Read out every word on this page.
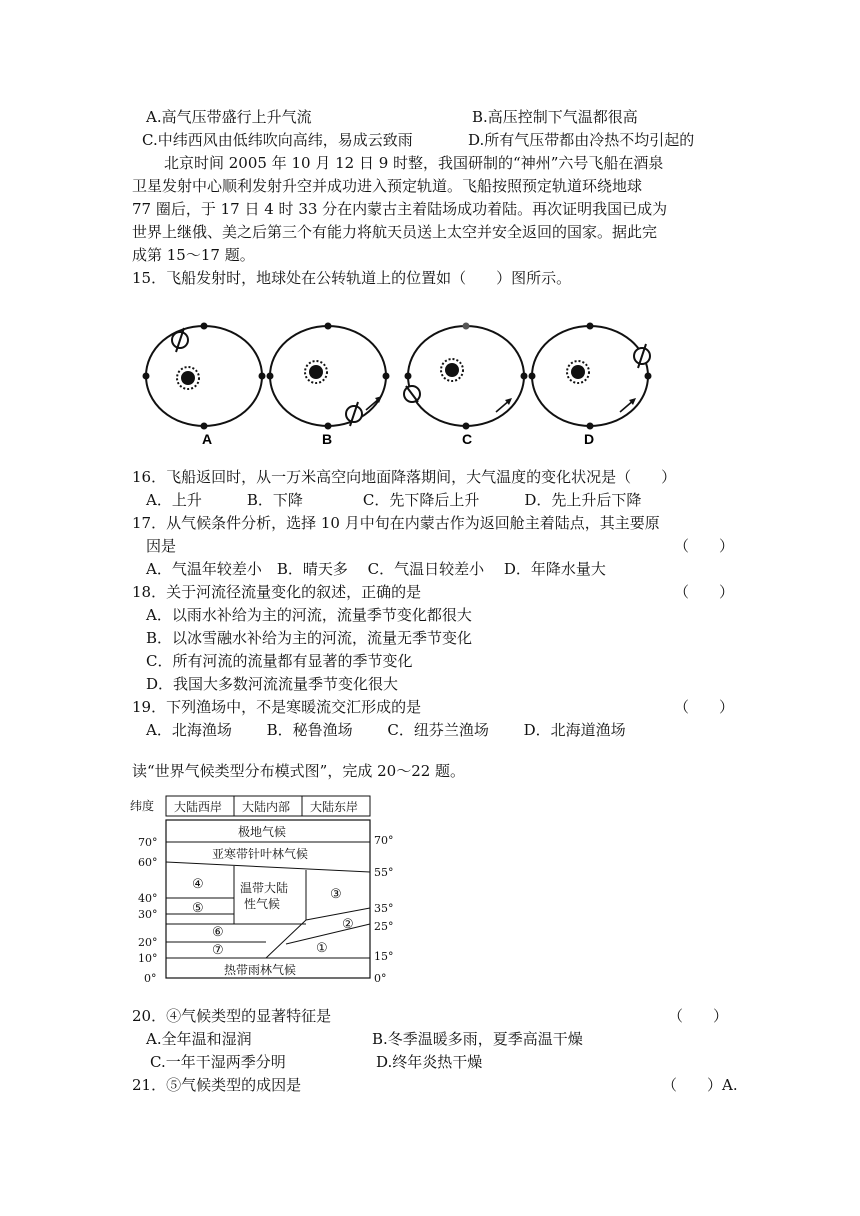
A.高气压带盛行上升气流	B.高压控制下气温都很高
C.中纬西风由低纬吹向高纬，易成云致雨	D.所有气压带都由冷热不均引起的
北京时间 2005 年 10 月 12 日 9 时整，我国研制的“神州”六号飞船在酒泉
卫星发射中心顺利发射升空并成功进入预定轨道。飞船按照预定轨道环绕地球
77 圈后，于 17 日 4 时 33 分在内蒙古主着陆场成功着陆。再次证明我国已成为
世界上继俄、美之后第三个有能力将航天员送上太空并安全返回的国家。据此完
成第 15～17 题。
15．飞船发射时，地球处在公转轨道上的位置如（　　）图所示。
A	B	C	D
16．飞船返回时，从一万米高空向地面降落期间，大气温度的变化状况是（　　）
A．上升　　　B．下降　　　　C．先下降后上升　　　D．先上升后下降
17．从气候条件分析，选择 10 月中旬在内蒙古作为返回舱主着陆点，其主要原
因是	（　　）
A．气温年较差小　B．晴天多　 C．气温日较差小　 D．年降水量大
18．关于河流径流量变化的叙述，正确的是	（　　）
A．以雨水补给为主的河流，流量季节变化都很大
B．以冰雪融水补给为主的河流，流量无季节变化
C．所有河流的流量都有显著的季节变化
D．我国大多数河流流量季节变化很大
19．下列渔场中，不是寒暖流交汇形成的是	（　　）
A．北海渔场　　 B．秘鲁渔场　　 C．纽芬兰渔场　　 D．北海道渔场
读“世界气候类型分布模式图”，完成 20～22 题。
纬度 大陆西岸 大陆内部 大陆东岸
极地气候
亚寒带针叶林气候
温带大陆
性气候
热带雨林气候
④
⑤
⑥
⑦
③
②
①
70°
60°
40°
30°
20°
10°
0°
70°
55°
35°
25°
15°
0°
20．④气候类型的显著特征是	（　　）
A.全年温和湿润	B.冬季温暖多雨，夏季高温干燥
C.一年干湿两季分明	D.终年炎热干燥
21．⑤气候类型的成因是	（　　）A.
